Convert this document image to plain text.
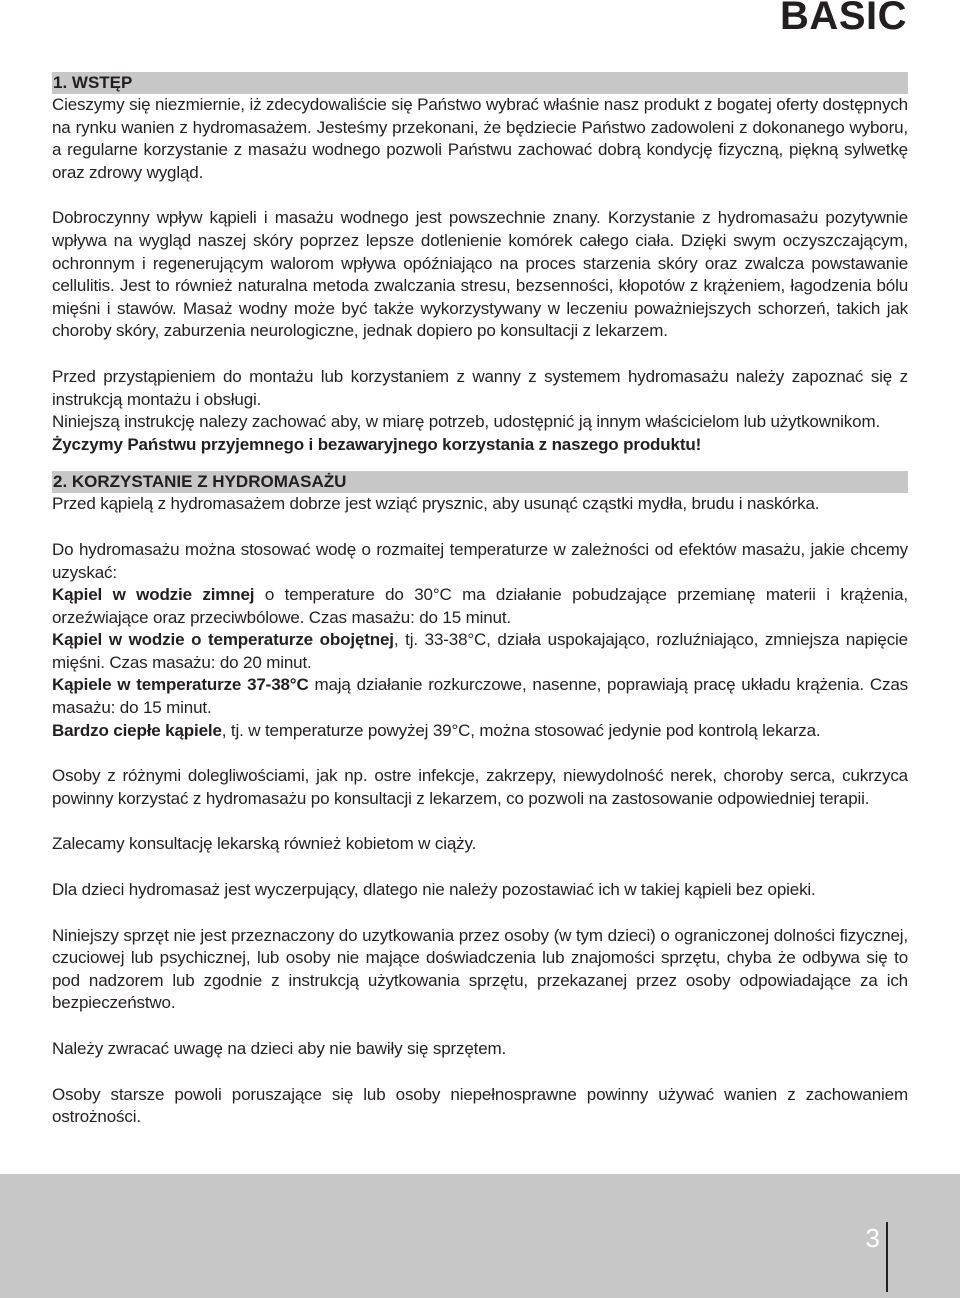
BASIC
1. WSTĘP

Cieszymy się niezmiernie, iż zdecydowaliście się Państwo wybrać właśnie nasz produkt z bogatej oferty dostępnych na rynku wanien z hydromasażem. Jesteśmy przekonani, że będziecie Państwo zadowoleni z dokonanego wyboru, a regularne korzystanie z masażu wodnego pozwoli Państwu zachować dobrą kondycję fizyczną, piękną sylwetkę oraz zdrowy wygląd.

Dobroczynny wpływ kąpieli i masażu wodnego jest powszechnie znany. Korzystanie z hydromasażu pozytywnie wpływa na wygląd naszej skóry poprzez lepsze dotlenienie komórek całego ciała. Dzięki swym oczyszczającym, ochronnym i regenerującym walorom wpływa opóźniająco na proces starzenia skóry oraz zwalcza powstawanie cellulitis. Jest to również naturalna metoda zwalczania stresu, bezsenności, kłopotów z krążeniem, łagodzenia bólu mięśni i stawów. Masaż wodny może być także wykorzystywany w leczeniu poważniejszych schorzeń, takich jak choroby skóry, zaburzenia neurologiczne, jednak dopiero po konsultacji z lekarzem.

Przed przystąpieniem do montażu lub korzystaniem z wanny z systemem hydromasażu należy zapoznać się z instrukcją montażu i obsługi.

Niniejszą instrukcję nalezy zachować aby, w miarę potrzeb, udostępnić ją innym właścicielom lub użytkownikom.

Życzymy Państwu przyjemnego i bezawaryjnego korzystania z naszego produktu!

2. KORZYSTANIE Z HYDROMASAŻU

Przed kąpielą z hydromasażem dobrze jest wziąć prysznic, aby usunąć cząstki mydła, brudu i naskórka.

Do hydromasażu można stosować wodę o rozmaitej temperaturze w zależności od efektów masażu, jakie chcemy uzyskać:

Kąpiel w wodzie zimnej o temperature do 30°C ma działanie pobudzające przemianę materii i krążenia, orzeźwiające oraz przeciwbólowe. Czas masażu: do 15 minut.

Kąpiel w wodzie o temperaturze obojętnej, tj. 33-38°C, działa uspokajająco, rozluźniająco, zmniejsza napięcie mięśni. Czas masażu: do 20 minut.

Kąpiele w temperaturze 37-38°C mają działanie rozkurczowe, nasenne, poprawiają pracę układu krążenia. Czas masażu: do 15 minut.

Bardzo ciepłe kąpiele, tj. w temperaturze powyżej 39°C, można stosować jedynie pod kontrolą lekarza.

Osoby z różnymi dolegliwościami, jak np. ostre infekcje, zakrzepy, niewydolność nerek, choroby serca, cukrzyca powinny korzystać z hydromasażu po konsultacji z lekarzem, co pozwoli na zastosowanie odpowiedniej terapii.

Zalecamy konsultację lekarską również kobietom w ciąży.

Dla dzieci hydromasaż jest wyczerpujący, dlatego nie należy pozostawiać ich w takiej kąpieli bez opieki.

Niniejszy sprzęt nie jest przeznaczony do uzytkowania przez osoby (w tym dzieci) o ograniczonej dolności fizycznej, czuciowej lub psychicznej, lub osoby nie mające doświadczenia lub znajomości sprzętu, chyba że odbywa się to pod nadzorem lub zgodnie z instrukcją użytkowania sprzętu, przekazanej przez osoby odpowiadające za ich bezpieczeństwo.

Należy zwracać uwagę na dzieci aby nie bawiły się sprzętem.

Osoby starsze powoli poruszające się lub osoby niepełnosprawne powinny używać wanien z zachowaniem ostrożności.

3
